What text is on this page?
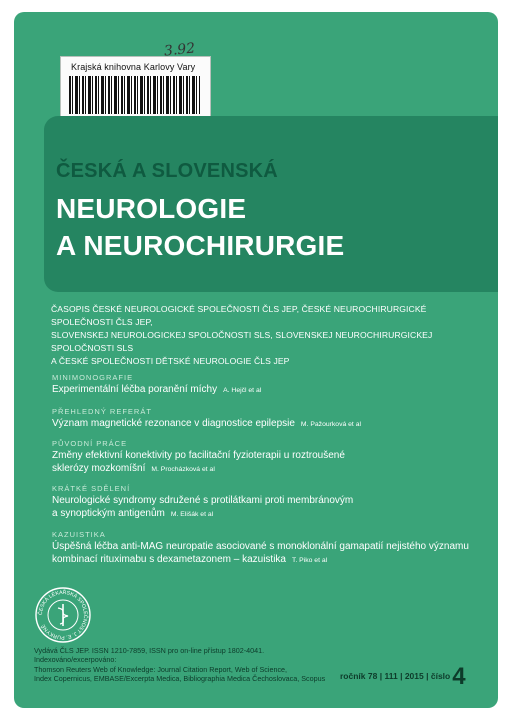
Krajská knihovna Karlovy Vary
3.92
ČESKÁ A SLOVENSKÁ
NEUROLOGIE
A NEUROCHIRURGIE
ČASOPIS ČESKÉ NEUROLOGICKÉ SPOLEČNOSTI ČLS JEP, ČESKÉ NEUROCHIRURGICKÉ SPOLEČNOSTI ČLS JEP,
SLOVENSKEJ NEUROLOGICKEJ SPOLOČNOSTI SLS, SLOVENSKEJ NEUROCHIRURGICKEJ SPOLOČNOSTI SLS
A ČESKÉ SPOLEČNOSTI DĚTSKÉ NEUROLOGIE ČLS JEP
MINIMONOGRAFIE
Experimentální léčba poranění míchy A. Hejčl et al
PŘEHLEDNÝ REFERÁT
Význam magnetické rezonance v diagnostice epilepsie M. Pažourková et al
PŮVODNÍ PRÁCE
Změny efektivní konektivity po facilitační fyzioterapii u roztroušené
sklerózy mozkomíšní M. Procházková et al
KRÁTKÉ SDĚLENÍ
Neurologické syndromy sdružené s protilátkami proti membránovým
a synoptickým antigenům M. Elišák et al
KAZUISTIKA
Úspěšná léčba anti-MAG neuropatie asociované s monoklonální gamapatií nejistého významu
kombinací rituximabu s dexametazonem – kazuistika T. Piko et al
ČESKÁ LÉKAŘSKÁ SPOLEČNOST J. E. PURKYNĚ
Vydává ČLS JEP. ISSN 1210-7859, ISSN pro on-line přístup 1802-4041.
Indexováno/excerpováno:
Thomson Reuters Web of Knowledge: Journal Citation Report, Web of Science,
Index Copernicus, EMBASE/Excerpta Medica, Bibliographia Medica Čechoslovaca, Scopus	ročník 78 | 111 | 2015 | číslo4
